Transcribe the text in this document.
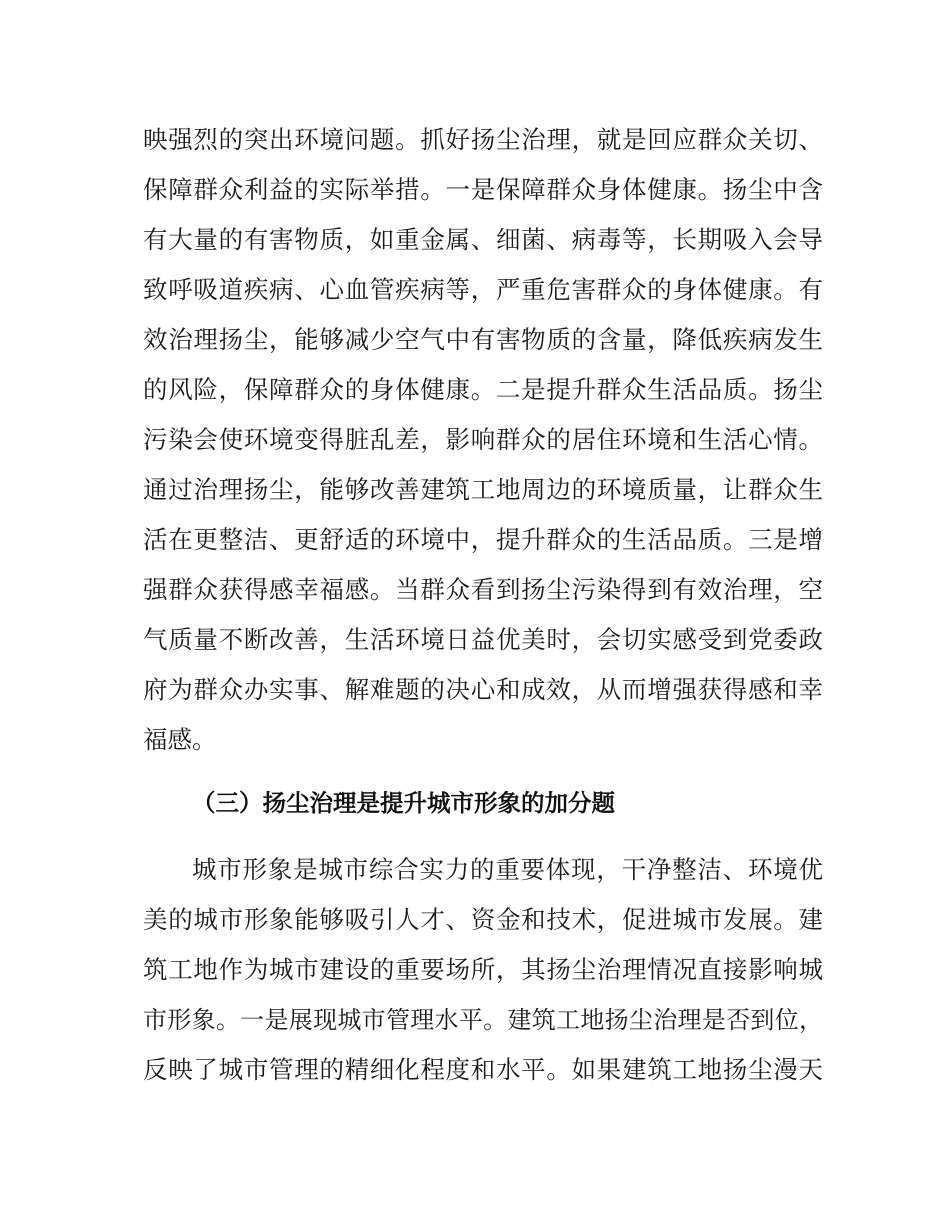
映强烈的突出环境问题。抓好扬尘治理，就是回应群众关切、

保障群众利益的实际举措。一是保障群众身体健康。扬尘中含

有大量的有害物质，如重金属、细菌、病毒等，长期吸入会导

致呼吸道疾病、心血管疾病等，严重危害群众的身体健康。有

效治理扬尘，能够减少空气中有害物质的含量，降低疾病发生

的风险，保障群众的身体健康。二是提升群众生活品质。扬尘

污染会使环境变得脏乱差，影响群众的居住环境和生活心情。

通过治理扬尘，能够改善建筑工地周边的环境质量，让群众生

活在更整洁、更舒适的环境中，提升群众的生活品质。三是增

强群众获得感幸福感。当群众看到扬尘污染得到有效治理，空

气质量不断改善，生活环境日益优美时，会切实感受到党委政

府为群众办实事、解难题的决心和成效，从而增强获得感和幸

福感。

（三）扬尘治理是提升城市形象的加分题

城市形象是城市综合实力的重要体现，干净整洁、环境优

美的城市形象能够吸引人才、资金和技术，促进城市发展。建

筑工地作为城市建设的重要场所，其扬尘治理情况直接影响城

市形象。一是展现城市管理水平。建筑工地扬尘治理是否到位，

反映了城市管理的精细化程度和水平。如果建筑工地扬尘漫天
